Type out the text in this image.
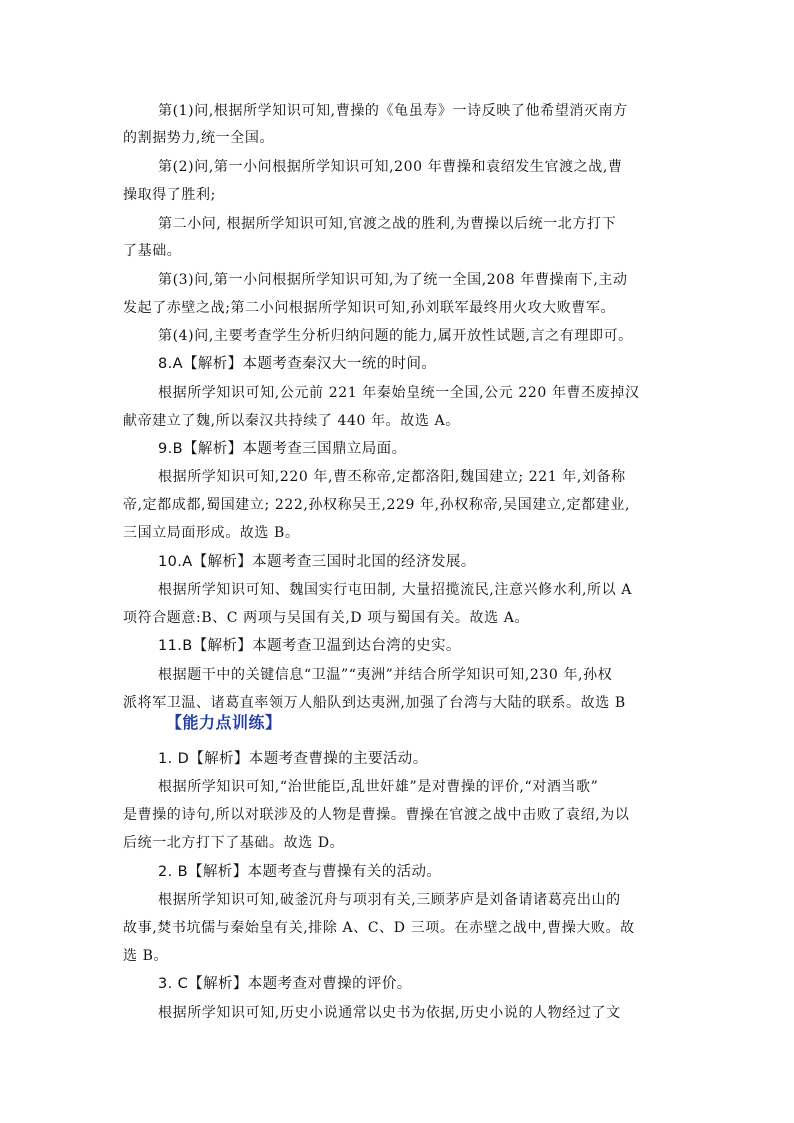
第(1)问,根据所学知识可知,曹操的《龟虽寿》一诗反映了他希望消灭南方
的割据势力,统一全国。
第(2)问,第一小问根据所学知识可知,200 年曹操和袁绍发生官渡之战,曹
操取得了胜利;
第二小问, 根据所学知识可知,官渡之战的胜利,为曹操以后统一北方打下
了基础。
第(3)问,第一小问根据所学知识可知,为了统一全国,208 年曹操南下,主动
发起了赤壁之战;第二小问根据所学知识可知,孙刘联军最终用火攻大败曹军。
第(4)问,主要考查学生分析归纳问题的能力,属开放性试题,言之有理即可。
8.A【解析】本题考查秦汉大一统的时间。
根据所学知识可知,公元前 221 年秦始皇统一全国,公元 220 年曹丕废掉汉
献帝建立了魏,所以秦汉共持续了 440 年。故选 A。
9.B【解析】本题考查三国鼎立局面。
根据所学知识可知,220 年,曹丕称帝,定都洛阳,魏国建立; 221 年,刘备称
帝,定都成都,蜀国建立; 222,孙权称吴王,229 年,孙权称帝,吴国建立,定都建业,
三国立局面形成。故选 B。
10.A【解析】本题考查三国时北国的经济发展。
根据所学知识可知、魏国实行屯田制, 大量招揽流民,注意兴修水利,所以 A
项符合题意:B、C 两项与吴国有关,D 项与蜀国有关。故选 A。
11.B【解析】本题考查卫温到达台湾的史实。
根据题干中的关键信息“卫温”“夷洲”并结合所学知识可知,230 年,孙权
派将军卫温、诸葛直率领万人船队到达夷洲,加强了台湾与大陆的联系。故选 B
【能力点训练】
1. D【解析】本题考查曹操的主要活动。
根据所学知识可知,“治世能臣,乱世奸雄”是对曹操的评价,“对酒当歌”
是曹操的诗句,所以对联涉及的人物是曹操。曹操在官渡之战中击败了袁绍,为以
后统一北方打下了基础。故选 D。
2. B【解析】本题考查与曹操有关的活动。
根据所学知识可知,破釜沉舟与项羽有关,三顾茅庐是刘备请诸葛亮出山的
故事,焚书坑儒与秦始皇有关,排除 A、C、D 三项。在赤壁之战中,曹操大败。故
选 B。
3. C【解析】本题考查对曹操的评价。
根据所学知识可知,历史小说通常以史书为依据,历史小说的人物经过了文
